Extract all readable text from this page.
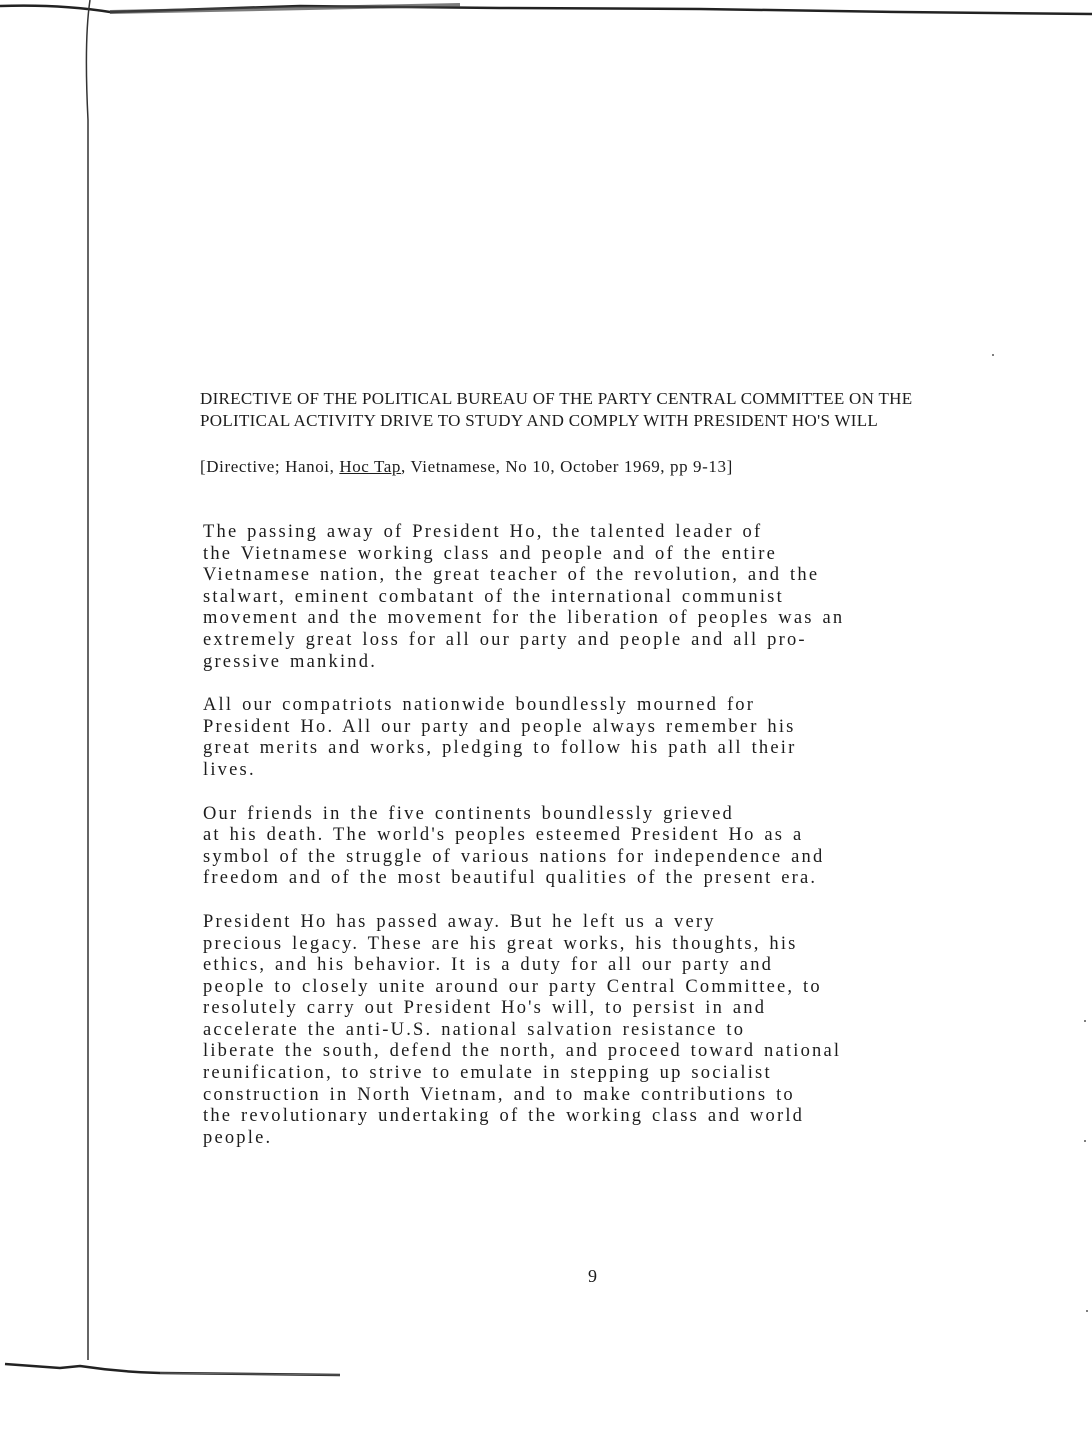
DIRECTIVE OF THE POLITICAL BUREAU OF THE PARTY CENTRAL COMMITTEE ON THE
POLITICAL ACTIVITY DRIVE TO STUDY AND COMPLY WITH PRESIDENT HO'S WILL
[Directive; Hanoi, Hoc Tap, Vietnamese, No 10, October 1969, pp 9-13]

The passing away of President Ho, the talented leader of
the Vietnamese working class and people and of the entire
Vietnamese nation, the great teacher of the revolution, and the
stalwart, eminent combatant of the international communist
movement and the movement for the liberation of peoples was an
extremely great loss for all our party and people and all pro-
gressive mankind.

All our compatriots nationwide boundlessly mourned for
President Ho. All our party and people always remember his
great merits and works, pledging to follow his path all their
lives.

Our friends in the five continents boundlessly grieved
at his death. The world's peoples esteemed President Ho as a
symbol of the struggle of various nations for independence and
freedom and of the most beautiful qualities of the present era.

President Ho has passed away. But he left us a very
precious legacy. These are his great works, his thoughts, his
ethics, and his behavior. It is a duty for all our party and
people to closely unite around our party Central Committee, to
resolutely carry out President Ho's will, to persist in and
accelerate the anti-U.S. national salvation resistance to
liberate the south, defend the north, and proceed toward national
reunification, to strive to emulate in stepping up socialist
construction in North Vietnam, and to make contributions to
the revolutionary undertaking of the working class and world
people.

9
